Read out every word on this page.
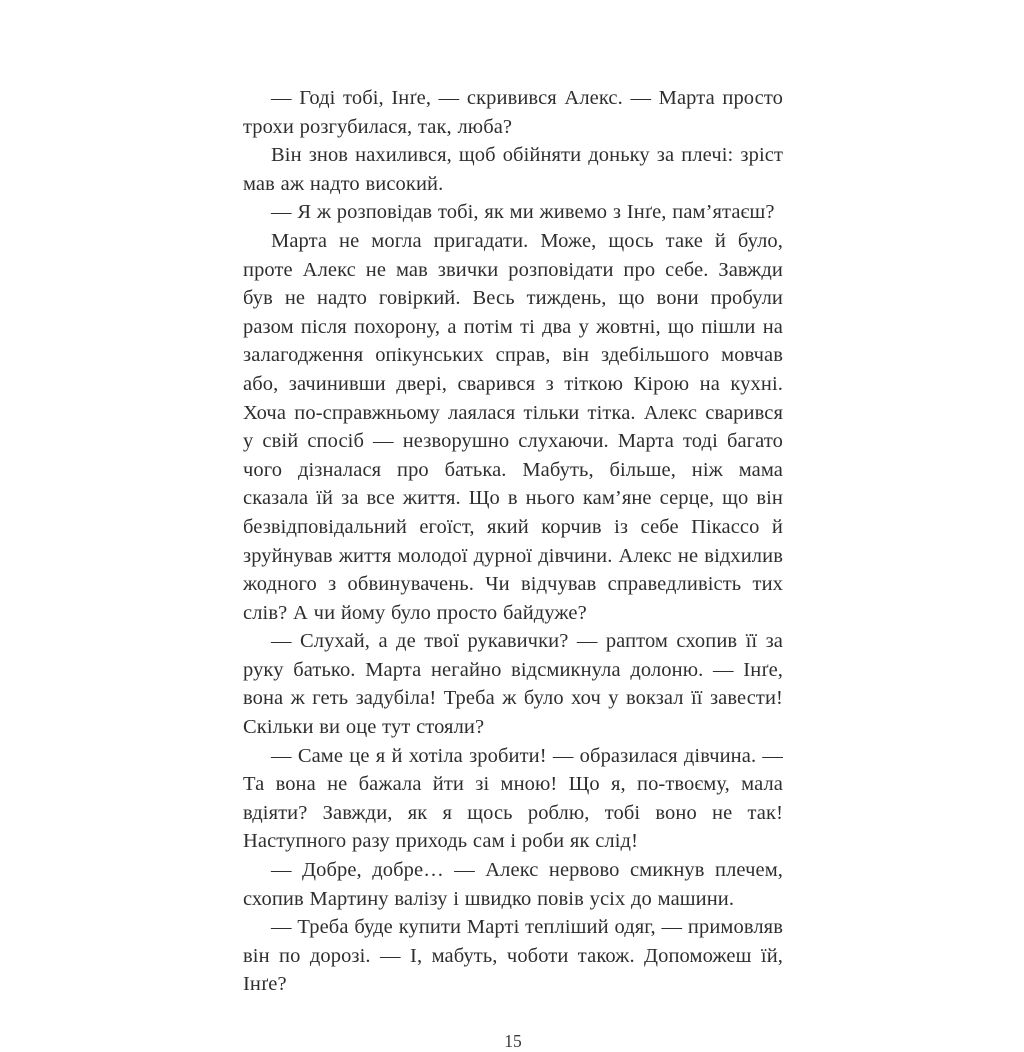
— Годі тобі, Інґе, — скривився Алекс. — Марта просто трохи розгубилася, так, люба?

Він знов нахилився, щоб обійняти доньку за плечі: зріст мав аж надто високий.

— Я ж розповідав тобі, як ми живемо з Інґе, пам’ятаєш?

Марта не могла пригадати. Може, щось таке й було, проте Алекс не мав звички розповідати про себе. Завжди був не надто говіркий. Весь тиждень, що вони пробули разом після похорону, а потім ті два у жовтні, що пішли на залагодження опікунських справ, він здебільшого мовчав або, зачинивши двері, сварився з тіткою Кірою на кухні. Хоча по-справжньому лаялася тільки тітка. Алекс сварився у свій спосіб — незворушно слухаючи. Марта тоді багато чого дізналася про батька. Мабуть, більше, ніж мама сказала їй за все життя. Що в нього кам’яне серце, що він безвідповідальний егоїст, який корчив із себе Пікассо й зруйнував життя молодої дурної дівчини. Алекс не відхилив жодного з обвинувачень. Чи відчував справедливість тих слів? А чи йому було просто байдуже?

— Слухай, а де твої рукавички? — раптом схопив її за руку батько. Марта негайно відсмикнула долоню. — Інґе, вона ж геть задубіла! Треба ж було хоч у вокзал її завести! Скільки ви оце тут стояли?

— Саме це я й хотіла зробити! — образилася дівчина. — Та вона не бажала йти зі мною! Що я, по-твоєму, мала вдіяти? Завжди, як я щось роблю, тобі воно не так! Наступного разу приходь сам і роби як слід!

— Добре, добре… — Алекс нервово смикнув плечем, схопив Мартину валізу і швидко повів усіх до машини.

— Треба буде купити Марті тепліший одяг, — примовляв він по дорозі. — І, мабуть, чоботи також. Допоможеш їй, Інґе?

15
